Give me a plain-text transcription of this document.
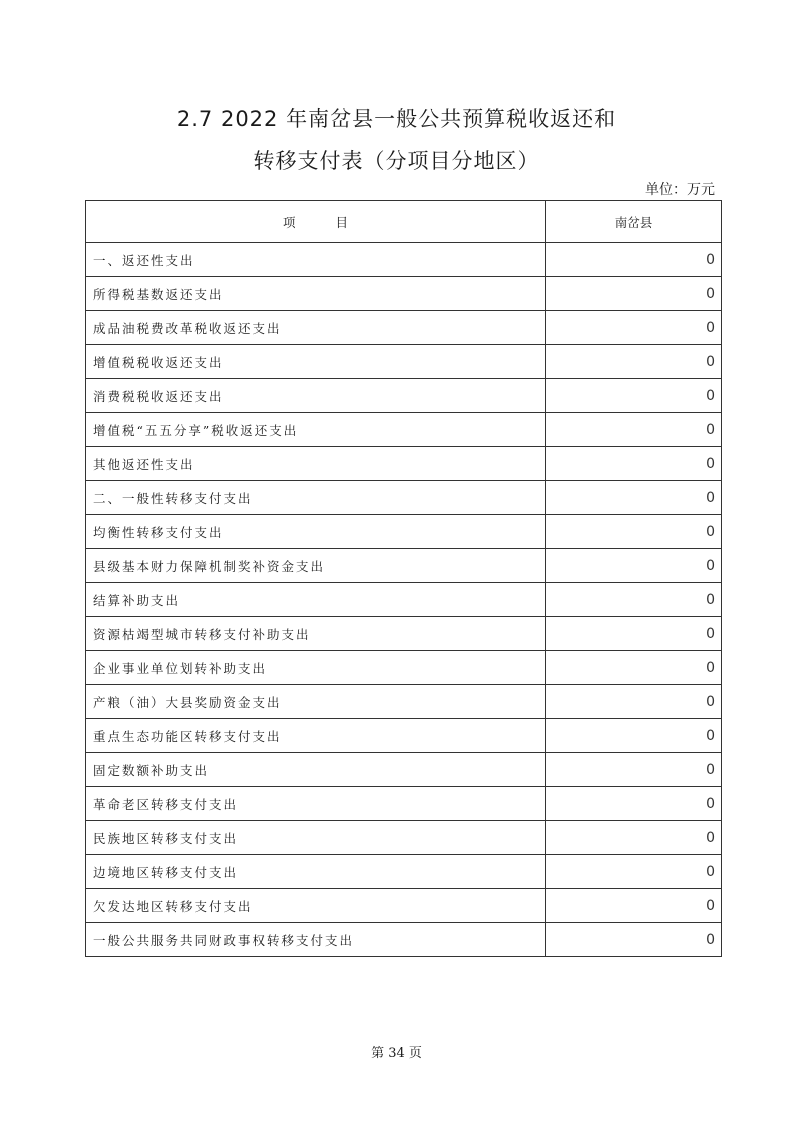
2.7 2022 年南岔县一般公共预算税收返还和
转移支付表（分项目分地区）
单位：万元
项 目	南岔县
一、返还性支出	0
所得税基数返还支出	0
成品油税费改革税收返还支出	0
增值税税收返还支出	0
消费税税收返还支出	0
增值税“五五分享”税收返还支出	0
其他返还性支出	0
二、一般性转移支付支出	0
均衡性转移支付支出	0
县级基本财力保障机制奖补资金支出	0
结算补助支出	0
资源枯竭型城市转移支付补助支出	0
企业事业单位划转补助支出	0
产粮（油）大县奖励资金支出	0
重点生态功能区转移支付支出	0
固定数额补助支出	0
革命老区转移支付支出	0
民族地区转移支付支出	0
边境地区转移支付支出	0
欠发达地区转移支付支出	0
一般公共服务共同财政事权转移支付支出	0
第 34 页
